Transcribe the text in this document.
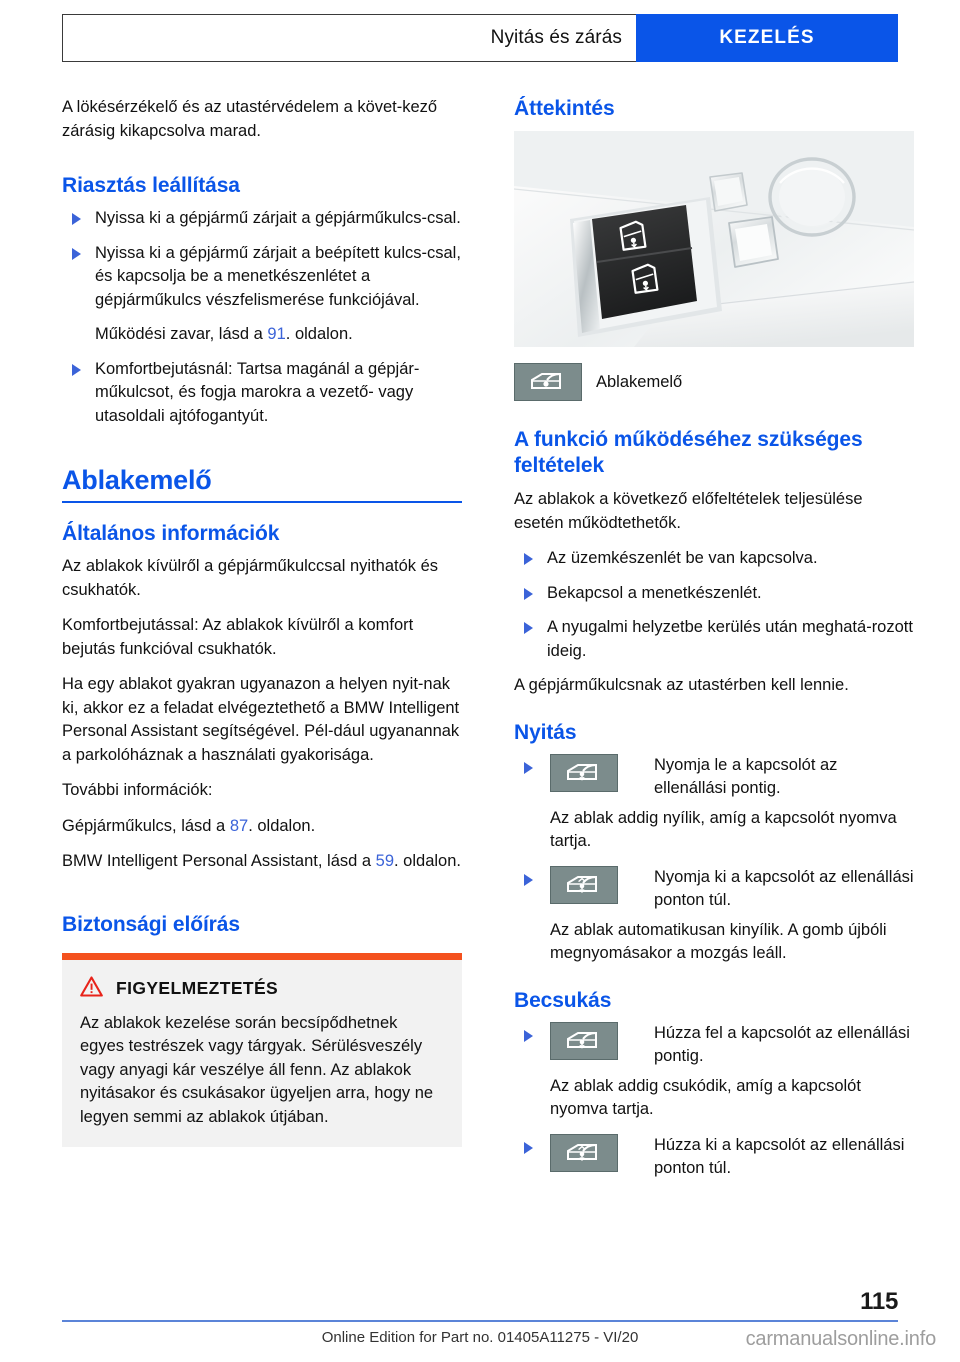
Nyitás és zárás	KEZELÉS

A lökésérzékelő és az utastérvédelem a követ-kező zárásig kikapcsolva marad.

Riasztás leállítása
Nyissa ki a gépjármű zárjait a gépjárműkulcs-csal.
Nyissa ki a gépjármű zárjait a beépített kulcs-csal, és kapcsolja be a menetkészenlétet a gépjárműkulcs vészfelismerése funkciójával.
Működési zavar, lásd a 91. oldalon.
Komfortbejutásnál: Tartsa magánál a gépjár-műkulcsot, és fogja marokra a vezető- vagy utasoldali ajtófogantyút.
Ablakemelő
Általános információk

Az ablakok kívülről a gépjárműkulccsal nyithatók és csukhatók.

Komfortbejutással: Az ablakok kívülről a komfort bejutás funkcióval csukhatók.

Ha egy ablakot gyakran ugyanazon a helyen nyit-nak ki, akkor ez a feladat elvégeztethető a BMW Intelligent Personal Assistant segítségével. Pél-dául ugyanannak a parkolóháznak a használati gyakorisága.

További információk:

Gépjárműkulcs, lásd a 87. oldalon.

BMW Intelligent Personal Assistant, lásd a 59. oldalon.

Biztonsági előírás
FIGYELMEZTETÉS
Az ablakok kezelése során becsípődhetnek egyes testrészek vagy tárgyak. Sérülésveszély vagy anyagi kár veszélye áll fenn. Az ablakok nyitásakor és csukásakor ügyeljen arra, hogy ne legyen semmi az ablakok útjában.
Áttekintés
Ablakemelő
A funkció működéséhez szükséges feltételek

Az ablakok a következő előfeltételek teljesülése esetén működtethetők.

Az üzemkészenlét be van kapcsolva.
Bekapcsol a menetkészenlét.
A nyugalmi helyzetbe kerülés után meghatá-rozott ideig.

A gépjárműkulcsnak az utastérben kell lennie.

Nyitás
Nyomja le a kapcsolót az ellenállási pontig.
Az ablak addig nyílik, amíg a kapcsolót nyomva tartja.
Nyomja ki a kapcsolót az ellenállási ponton túl.
Az ablak automatikusan kinyílik. A gomb újbóli megnyomásakor a mozgás leáll.
Becsukás
Húzza fel a kapcsolót az ellenállási pontig.
Az ablak addig csukódik, amíg a kapcsolót nyomva tartja.
Húzza ki a kapcsolót az ellenállási ponton túl.
115
Online Edition for Part no. 01405A11275 - VI/20	carmanualsonline.info
